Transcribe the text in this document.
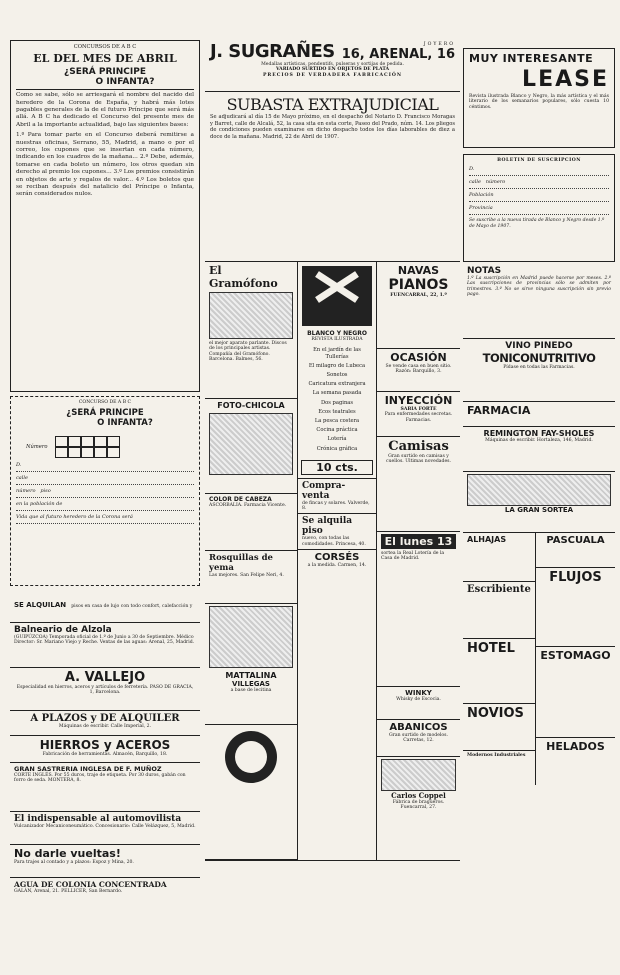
CONCURSOS DE A B C
EL DEL MES DE ABRIL
¿SERÁ PRINCIPE
O INFANTA?
Como se sabe, sólo se arriesgará el nombre del nacido del heredero de la Corona de España, y habrá más lotes pagables generales de la de el futuro Príncipe que será más allá. A B C ha dedicado el Concurso del presente mes de Abril a la importante actualidad, bajo las siguientes bases:
1.º Para tomar parte en el Concurso deberá remitirse a nuestras oficinas, Serrano, 55, Madrid, a mano o por el correo, los cupones que se insertan en cada número, indicando en los cuadros de la mañana... 2.º Debe, además, tomarse en cada boleto un número, los otros quedan sin derecho al premio los cupones... 3.º Los premios consistirán en objetos de arte y regalos de valor... 4.º Los boletos que se reciban después del natalicio del Príncipe o Infanta, serán considerados nulos.
CONCURSO DE A B C
¿SERÁ PRINCIPE
O INFANTA?
Número
D.
calle
número piso
en la población de
Vida que al futuro heredero de la Corona será
SE ALQUILAN pisos en casa de lujo con todo confort, calefacción y
Balneario de Alzola
(GUIPÚZCOA) Temporada oficial de 1.º de Junio a 30 de Septiembre. Médico Director: Sr. Mariano Viejo y Reche. Ventas de las aguas: Arenal, 25, Madrid.
A. VALLEJO
Especialidad en hierros, aceros y artículos de ferretería. PASO DE GRACIA, 1, Barcelona.
A PLAZOS y DE ALQUILER
Máquinas de escribir. Calle Imperial, 2.
HIERROS y ACEROS
Fabricación de herramientas. Almacén, Barquillo, 18.
GRAN SASTRERIA INGLESA DE F. MUÑOZ
CORTE INGLÉS. Por 55 duros, traje de etiqueta. Por 30 duros, gabán con forro de seda. MONTERA, 8.
El indispensable al automovilista
Vulcanizador Mecaniconeumático. Concesionario: Calle Velázquez, 5, Madrid.
No darle vueltas!
Para trajes al contado y a plazos: Espoz y Mina, 20.
AGUA DE COLONIA CONCENTRADA
GALÁN, Arenal, 21. PELLICER, San Bernardo.
J. SUGRAÑES	JOYERO
16, ARENAL, 16
Medallas artísticas, pendentifs, pulseras y sortijas de pedida.
VARIADO SURTIDO EN OBJETOS DE PLATA
PRECIOS DE VERDADERA FABRICACIÓN
SUBASTA EXTRAJUDICIAL
Se adjudicará al día 15 de Mayo próximo, en el despacho del Notario D. Francisco Moragas y Barret, calle de Alcalá, 52, la casa sita en esta corte, Paseo del Prado, núm. 14. Los pliegos de condiciones pueden examinarse en dicho despacho todos los días laborables de diez a doce de la mañana. Madrid, 22 de Abril de 1907.
El Gramófono
el mejor aparato parlante. Discos de los principales artistas. Compañía del Gramófono. Barcelona. Balmes, 56.
FOTO-CHICOLA
COLOR DE CABEZA
ASCORBALIA. Farmacia Vicente.
Rosquillas de yema
Las mejores. San Felipe Neri, 4.
MATTALINA
VILLEGAS
a base de lecitina
BLANCO Y NEGRO
REVISTA ILUSTRADA
En el jardín de las Tullerías
El milagro de Lubeca
Sonetos
Caricatura extranjera
La semana pasada
Dos paginas
Ecos teatrales
La pesca costera
Cocina práctica
Lotería
Crónica gráfica
10 cts.
Compra-venta
de fincas y solares. Valverde, 8.
Se alquila piso
nuevo, con todas las comodidades. Princesa, 40.
CORSÉS
a la medida. Carmen, 14.
NAVAS
PIANOS
FUENCARRAL, 22, 1.º
OCASIÓN
Se vende casa en buen sitio. Razón: Barquillo, 3.
INYECCIÓN
SABIA FORTE
Para enfermedades secretas. Farmacias.
Camisas
Gran surtido en camisas y cuellos. Ultimas novedades.
El lunes 13
sortea la Real Lotería de la Casa de Madrid.
WINKY
Whisky de Escocia.
ABANICOS
Gran surtido de modelos. Carretas, 12.
Carlos Coppel
Fábrica de bragueros. Fuencarral, 27.
MUY INTERESANTE
LEASE
Revista ilustrada Blanco y Negro, la más artística y el más literario de los semanarios populares, sólo cuesta 10 céntimos.
BOLETIN DE SUSCRIPCION
D.
calle número
Población
Provincia
Se suscribe a la nueva tirada de Blanco y Negro desde 1.º de Mayo de 1907.
NOTAS
1.º La suscripción en Madrid puede hacerse por meses. 2.º Las suscripciones de provincias sólo se admiten por trimestres. 3.º No se sirve ninguna suscripción sin previo pago.
VINO PINEDO
TONICONUTRITIVO
Pídase en todas las Farmacias.
FARMACIA
REMINGTON FAY-SHOLES
Máquinas de escribir. Hortaleza, 146, Madrid.
LA GRAN SORTEA
ALHAJAS
Escribiente
HOTEL
NOVIOS
Modernos Industriales
PASCUALA
FLUJOS
ESTOMAGO
HELADOS
